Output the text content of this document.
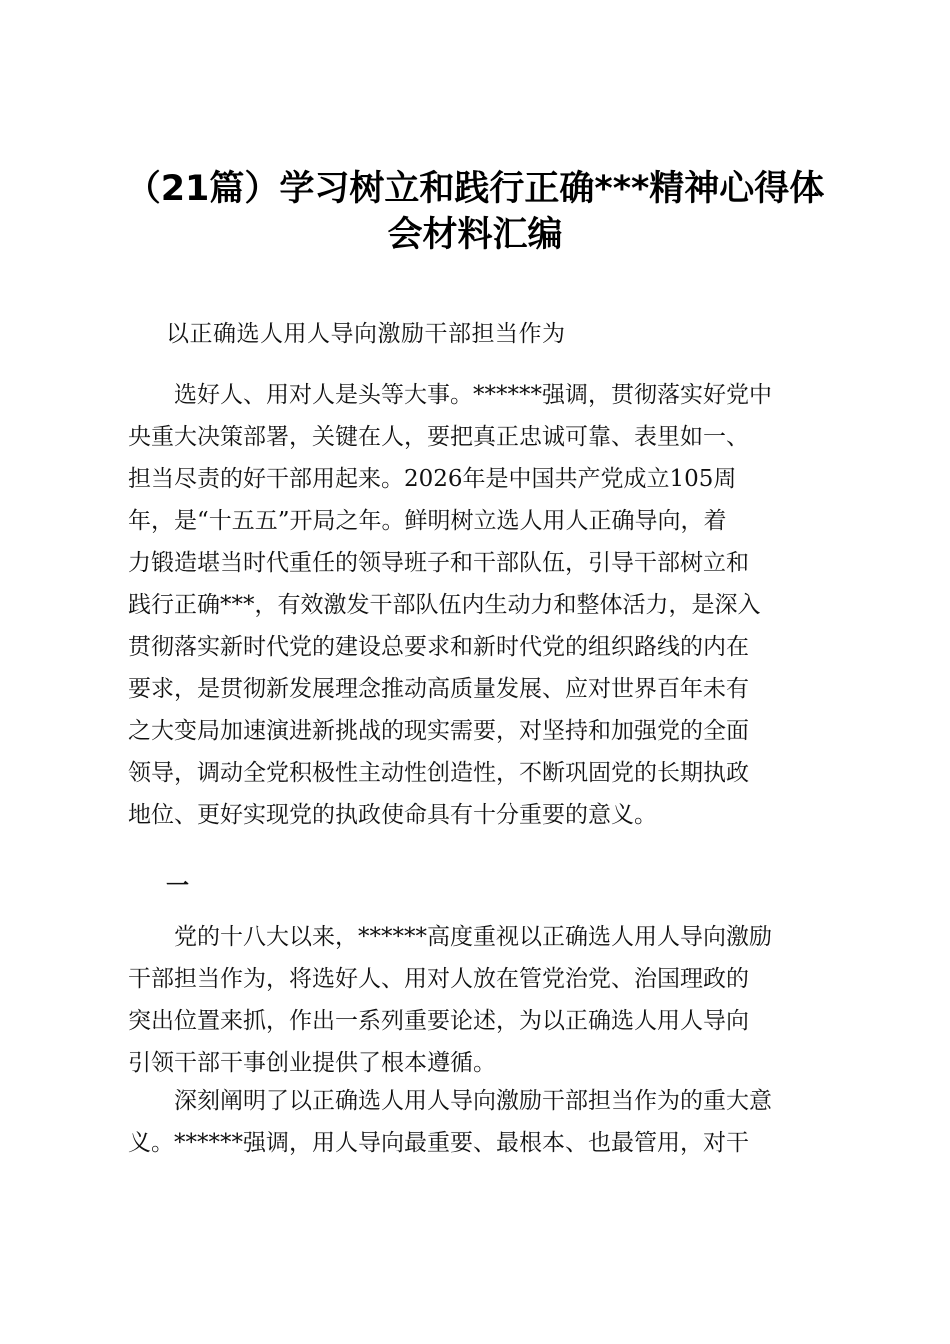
（21篇）学习树立和践行正确***精神心得体
会材料汇编
以正确选人用人导向激励干部担当作为
　　选好人、用对人是头等大事。******强调，贯彻落实好党中
央重大决策部署，关键在人，要把真正忠诚可靠、表里如一、
担当尽责的好干部用起来。2026年是中国共产党成立105周
年，是“十五五”开局之年。鲜明树立选人用人正确导向，着
力锻造堪当时代重任的领导班子和干部队伍，引导干部树立和
践行正确***，有效激发干部队伍内生动力和整体活力，是深入
贯彻落实新时代党的建设总要求和新时代党的组织路线的内在
要求，是贯彻新发展理念推动高质量发展、应对世界百年未有
之大变局加速演进新挑战的现实需要，对坚持和加强党的全面
领导，调动全党积极性主动性创造性，不断巩固党的长期执政
地位、更好实现党的执政使命具有十分重要的意义。
一
　　党的十八大以来，******高度重视以正确选人用人导向激励
干部担当作为，将选好人、用对人放在管党治党、治国理政的
突出位置来抓，作出一系列重要论述，为以正确选人用人导向
引领干部干事创业提供了根本遵循。
　　深刻阐明了以正确选人用人导向激励干部担当作为的重大意
义。******强调，用人导向最重要、最根本、也最管用，对干
